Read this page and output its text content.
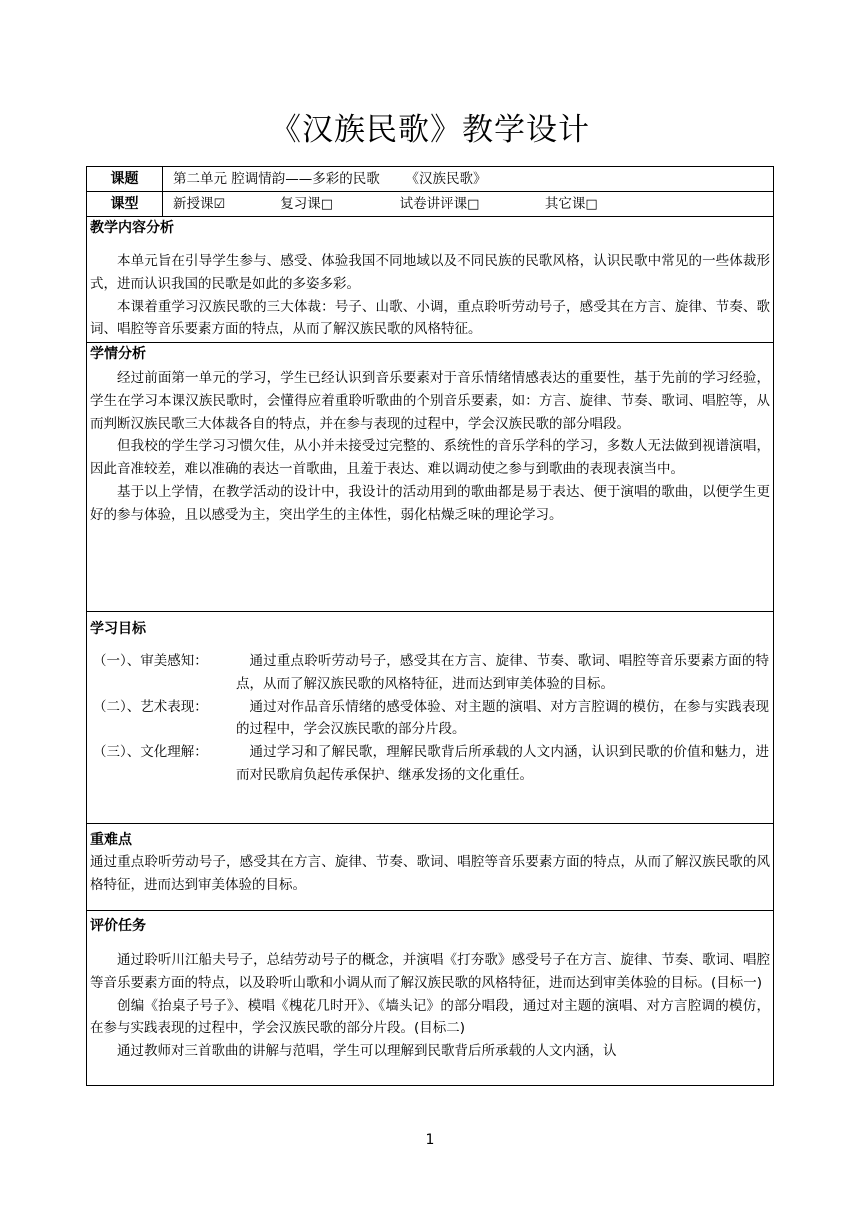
《汉族民歌》教学设计
课题	第二单元 腔调情韵——多彩的民歌      《汉族民歌》
课型	新授课☑	复习课□	试卷讲评课□	其它课□
教学内容分析

本单元旨在引导学生参与、感受、体验我国不同地域以及不同民族的民歌风格，认识民歌中常见的一些体裁形式，进而认识我国的民歌是如此的多姿多彩。

本课着重学习汉族民歌的三大体裁：号子、山歌、小调，重点聆听劳动号子，感受其在方言、旋律、节奏、歌词、唱腔等音乐要素方面的特点，从而了解汉族民歌的风格特征。

学情分析

经过前面第一单元的学习，学生已经认识到音乐要素对于音乐情绪情感表达的重要性，基于先前的学习经验，学生在学习本课汉族民歌时，会懂得应着重聆听歌曲的个别音乐要素，如：方言、旋律、节奏、歌词、唱腔等，从而判断汉族民歌三大体裁各自的特点，并在参与表现的过程中，学会汉族民歌的部分唱段。

但我校的学生学习习惯欠佳，从小并未接受过完整的、系统性的音乐学科的学习，多数人无法做到视谱演唱，因此音准较差，难以准确的表达一首歌曲，且羞于表达、难以调动使之参与到歌曲的表现表演当中。

基于以上学情，在教学活动的设计中，我设计的活动用到的歌曲都是易于表达、便于演唱的歌曲，以便学生更好的参与体验，且以感受为主，突出学生的主体性，弱化枯燥乏味的理论学习。

学习目标
（一）、审美感知：	通过重点聆听劳动号子，感受其在方言、旋律、节奏、歌词、唱腔等音乐要素方面的特点，从而了解汉族民歌的风格特征，进而达到审美体验的目标。
（二）、艺术表现：	通过对作品音乐情绪的感受体验、对主题的演唱、对方言腔调的模仿，在参与实践表现的过程中，学会汉族民歌的部分片段。
（三）、文化理解：	通过学习和了解民歌，理解民歌背后所承载的人文内涵，认识到民歌的价值和魅力，进而对民歌肩负起传承保护、继承发扬的文化重任。
重难点

通过重点聆听劳动号子，感受其在方言、旋律、节奏、歌词、唱腔等音乐要素方面的特点，从而了解汉族民歌的风格特征，进而达到审美体验的目标。

评价任务

通过聆听川江船夫号子，总结劳动号子的概念，并演唱《打夯歌》感受号子在方言、旋律、节奏、歌词、唱腔等音乐要素方面的特点，以及聆听山歌和小调从而了解汉族民歌的风格特征，进而达到审美体验的目标。(目标一)

创编《抬桌子号子》、模唱《槐花几时开》、《墙头记》的部分唱段，通过对主题的演唱、对方言腔调的模仿，在参与实践表现的过程中，学会汉族民歌的部分片段。(目标二)

通过教师对三首歌曲的讲解与范唱，学生可以理解到民歌背后所承载的人文内涵，认

1
